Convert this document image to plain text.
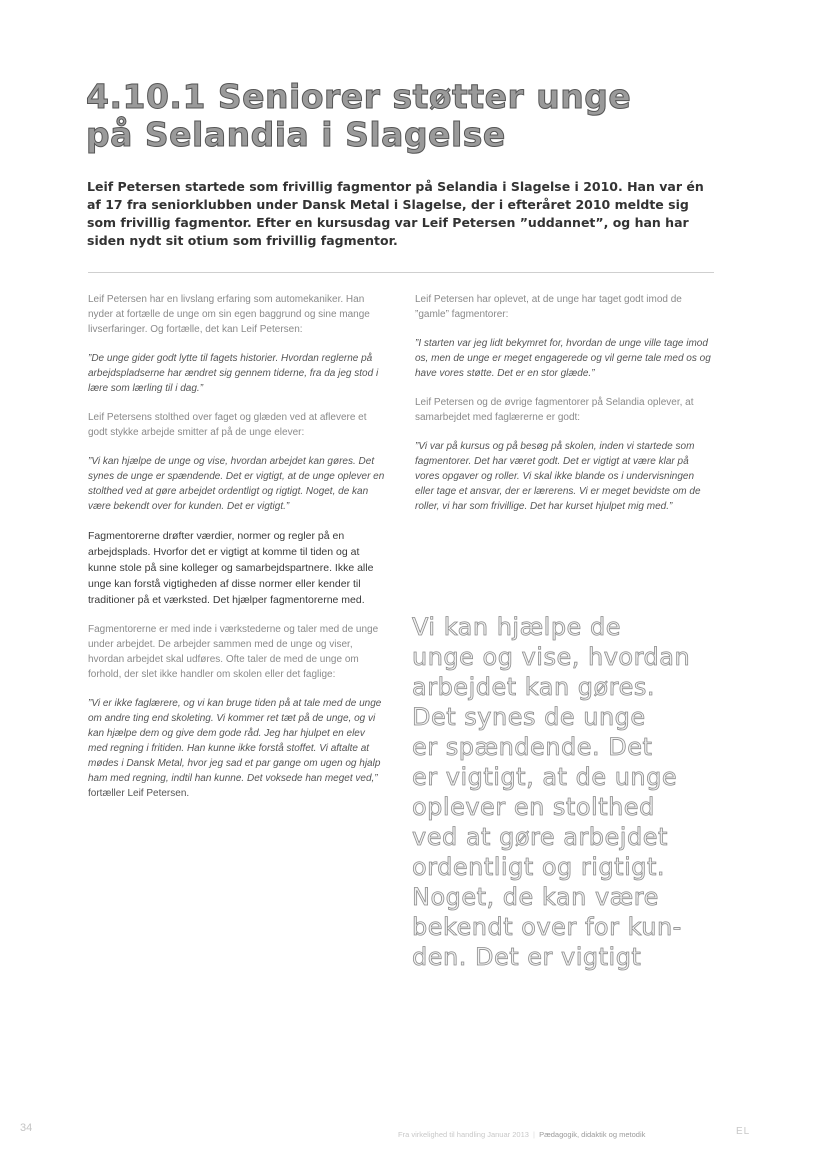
4.10.1 Seniorer støtter unge
på Selandia i Slagelse
Leif Petersen startede som frivillig fagmentor på Selandia i Slagelse i 2010. Han var én af 17 fra seniorklubben under Dansk Metal i Slagelse, der i efteråret 2010 meldte sig som frivillig fagmentor. Efter en kursusdag var Leif Petersen ”uddannet”, og han har siden nydt sit otium som frivillig fagmentor.

Leif Petersen har en livslang erfaring som automekaniker. Han nyder at fortælle de unge om sin egen baggrund og sine mange livserfaringer. Og fortælle, det kan Leif Petersen:

”De unge gider godt lytte til fagets historier. Hvordan reglerne på arbejdspladserne har ændret sig gennem tiderne, fra da jeg stod i lære som lærling til i dag.”

Leif Petersens stolthed over faget og glæden ved at aflevere et godt stykke arbejde smitter af på de unge elever:

”Vi kan hjælpe de unge og vise, hvordan arbejdet kan gøres. Det synes de unge er spændende. Det er vigtigt, at de unge oplever en stolthed ved at gøre arbejdet ordentligt og rigtigt. Noget, de kan være bekendt over for kunden. Det er vigtigt.”

Fagmentorerne drøfter værdier, normer og regler på en arbejdsplads. Hvorfor det er vigtigt at komme til tiden og at kunne stole på sine kolleger og samarbejdspartnere. Ikke alle unge kan forstå vigtigheden af disse normer eller kender til traditioner på et værksted. Det hjælper fagmentorerne med.

Fagmentorerne er med inde i værkstederne og taler med de unge under arbejdet. De arbejder sammen med de unge og viser, hvordan arbejdet skal udføres. Ofte taler de med de unge om forhold, der slet ikke handler om skolen eller det faglige:

”Vi er ikke faglærere, og vi kan bruge tiden på at tale med de unge om andre ting end skoleting. Vi kommer ret tæt på de unge, og vi kan hjælpe dem og give dem gode råd. Jeg har hjulpet en elev med regning i fritiden. Han kunne ikke forstå stoffet. Vi aftalte at mødes i Dansk Metal, hvor jeg sad et par gange om ugen og hjalp ham med regning, indtil han kunne. Det voksede han meget ved,” fortæller Leif Petersen.

Leif Petersen har oplevet, at de unge har taget godt imod de ”gamle” fagmentorer:

”I starten var jeg lidt bekymret for, hvordan de unge ville tage imod os, men de unge er meget engagerede og vil gerne tale med os og have vores støtte. Det er en stor glæde.”

Leif Petersen og de øvrige fagmentorer på Selandia oplever, at samarbejdet med faglærerne er godt:

”Vi var på kursus og på besøg på skolen, inden vi startede som fagmentorer. Det har været godt. Det er vigtigt at være klar på vores opgaver og roller. Vi skal ikke blande os i undervisningen eller tage et ansvar, der er lærerens. Vi er meget bevidste om de roller, vi har som frivillige. Det har kurset hjulpet mig med.”

Vi kan hjælpe de
unge og vise, hvordan
arbejdet kan gøres.
Det synes de unge
er spændende. Det
er vigtigt, at de unge
oplever en stolthed
ved at gøre arbejdet
ordentligt og rigtigt.
Noget, de kan være
bekendt over for kun-
den. Det er vigtigt
34
Fra virkelighed til handling Januar 2013 | Pædagogik, didaktik og metodik	EL
